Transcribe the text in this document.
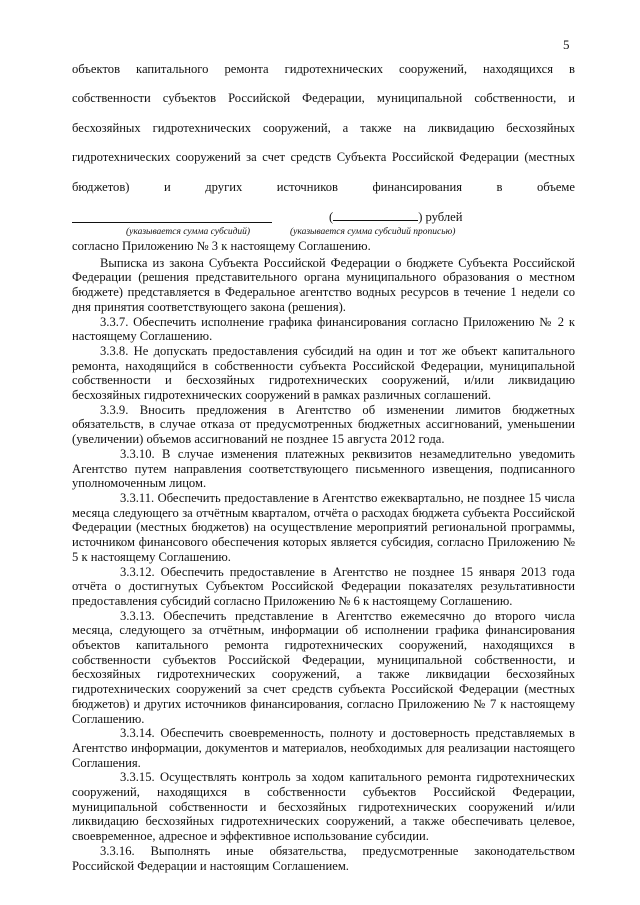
5

объектов капитального ремонта гидротехнических сооружений, находящихся в

собственности субъектов Российской Федерации, муниципальной собственности, и

бесхозяйных гидротехнических сооружений, а также на ликвидацию бесхозяйных

гидротехнических сооружений за счет средств Субъекта Российской Федерации (местных

бюджетов) и других источников финансирования в объеме

(	) рублей
(указывается сумма субсидий)	(указывается сумма субсидий прописью)

согласно Приложению № 3 к настоящему Соглашению.

Выписка из закона Субъекта Российской Федерации о бюджете Субъекта Российской Федерации (решения представительного органа муниципального образования о местном бюджете) представляется в Федеральное агентство водных ресурсов в течение 1 недели со дня принятия соответствующего закона (решения).

3.3.7. Обеспечить исполнение графика финансирования согласно Приложению № 2 к настоящему Соглашению.

3.3.8. Не допускать предоставления субсидий на один и тот же объект капитального ремонта, находящийся в собственности субъекта Российской Федерации, муниципальной собственности и бесхозяйных гидротехнических сооружений, и/или ликвидацию бесхозяйных гидротехнических сооружений в рамках различных соглашений.

3.3.9. Вносить предложения в Агентство об изменении лимитов бюджетных обязательств, в случае отказа от предусмотренных бюджетных ассигнований, уменьшении (увеличении) объемов ассигнований не позднее 15 августа 2012 года.

3.3.10. В случае изменения платежных реквизитов незамедлительно уведомить Агентство путем направления соответствующего письменного извещения, подписанного уполномоченным лицом.

3.3.11. Обеспечить предоставление в Агентство ежеквартально, не позднее 15 числа месяца следующего за отчётным кварталом, отчёта о расходах бюджета субъекта Российской Федерации (местных бюджетов) на осуществление мероприятий региональной программы, источником финансового обеспечения которых является субсидия, согласно Приложению № 5 к настоящему Соглашению.

3.3.12. Обеспечить предоставление в Агентство не позднее 15 января 2013 года отчёта о достигнутых Субъектом Российской Федерации показателях результативности предоставления субсидий согласно Приложению № 6 к настоящему Соглашению.

3.3.13. Обеспечить представление в Агентство ежемесячно до второго числа месяца, следующего за отчётным, информации об исполнении графика финансирования объектов капитального ремонта гидротехнических сооружений, находящихся в собственности субъектов Российской Федерации, муниципальной собственности, и бесхозяйных гидротехнических сооружений, а также ликвидации бесхозяйных гидротехнических сооружений за счет средств субъекта Российской Федерации (местных бюджетов) и других источников финансирования, согласно Приложению № 7 к настоящему Соглашению.

3.3.14. Обеспечить своевременность, полноту и достоверность представляемых в Агентство информации, документов и материалов, необходимых для реализации настоящего Соглашения.

3.3.15. Осуществлять контроль за ходом капитального ремонта гидротехнических сооружений, находящихся в собственности субъектов Российской Федерации, муниципальной собственности и бесхозяйных гидротехнических сооружений и/или ликвидацию бесхозяйных гидротехнических сооружений, а также обеспечивать целевое, своевременное, адресное и эффективное использование субсидии.

3.3.16. Выполнять иные обязательства, предусмотренные законодательством Российской Федерации и настоящим Соглашением.
